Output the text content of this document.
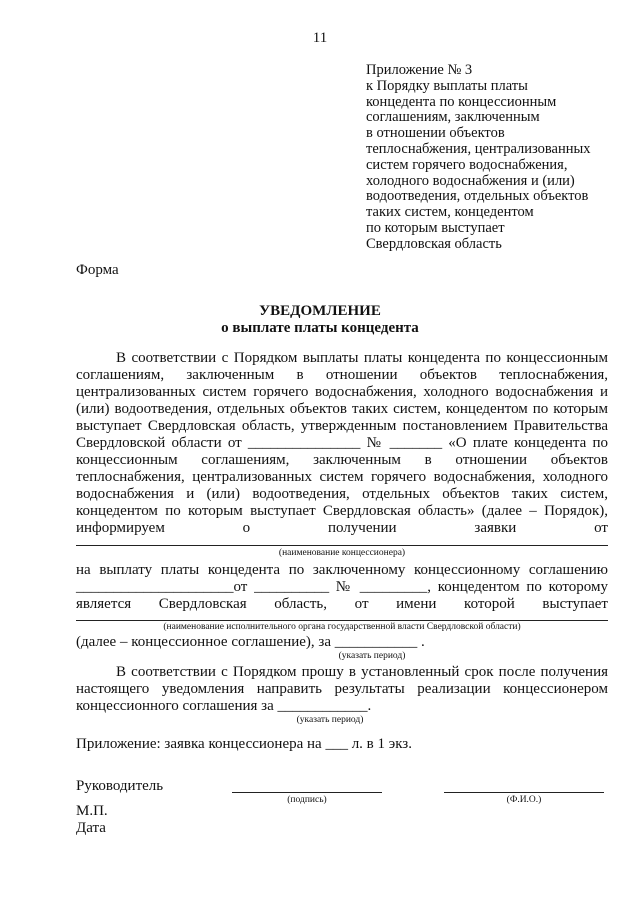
11
Приложение № 3
к Порядку выплаты платы
концедента по концессионным
соглашениям, заключенным
в отношении объектов
теплоснабжения, централизованных
систем горячего водоснабжения,
холодного водоснабжения и (или)
водоотведения, отдельных объектов
таких систем, концедентом
по которым выступает
Свердловская область
Форма
УВЕДОМЛЕНИЕ
о выплате платы концедента
В соответствии с Порядком выплаты платы концедента по концессионным
соглашениям, заключенным в отношении объектов теплоснабжения,
централизованных систем горячего водоснабжения, холодного водоснабжения и
(или) водоотведения, отдельных объектов таких систем, концедентом по которым
выступает Свердловская область, утвержденным постановлением Правительства
Свердловской области от _______________ № _______ «О плате концедента по
концессионным соглашениям, заключенным в отношении объектов
теплоснабжения, централизованных систем горячего водоснабжения, холодного
водоснабжения и (или) водоотведения, отдельных объектов таких систем,
концедентом по которым выступает Свердловская область» (далее – Порядок),
информируем о получении заявки от
(наименование концессионера)
на выплату платы концедента по заключенному концессионному соглашению
_____________________от __________ № _________, концедентом по которому
является Свердловская область, от имени которой выступает
(наименование исполнительного органа государственной власти Свердловской области)
(далее – концессионное соглашение), за ___________ .
(указать период)
В соответствии с Порядком прошу в установленный срок после получения
настоящего уведомления направить результаты реализации концессионером
концессионного соглашения за ____________.
(указать период)
Приложение: заявка концессионера на ___ л. в 1 экз.
Руководитель
(подпись)	(Ф.И.О.)
М.П.
Дата
